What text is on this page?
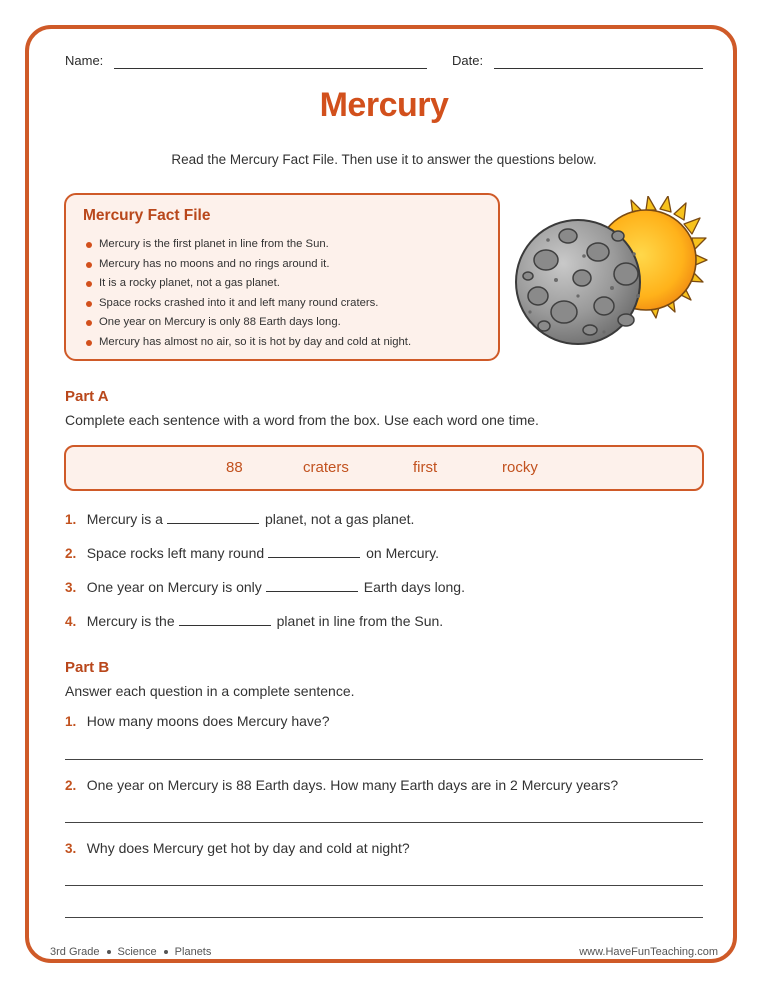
Name:	Date:
Mercury
Read the Mercury Fact File. Then use it to answer the questions below.
Mercury Fact File
Mercury is the first planet in line from the Sun.
Mercury has no moons and no rings around it.
It is a rocky planet, not a gas planet.
Space rocks crashed into it and left many round craters.
One year on Mercury is only 88 Earth days long.
Mercury has almost no air, so it is hot by day and cold at night.
Part A
Complete each sentence with a word from the box. Use each word one time.
88	craters	first	rocky
1. Mercury is a	planet, not a gas planet.
2. Space rocks left many round	on Mercury.
3. One year on Mercury is only	Earth days long.
4. Mercury is the	planet in line from the Sun.
Part B
Answer each question in a complete sentence.
1. How many moons does Mercury have?
2. One year on Mercury is 88 Earth days. How many Earth days are in 2 Mercury years?
3. Why does Mercury get hot by day and cold at night?
3rd Grade Science Planets	www.HaveFunTeaching.com
